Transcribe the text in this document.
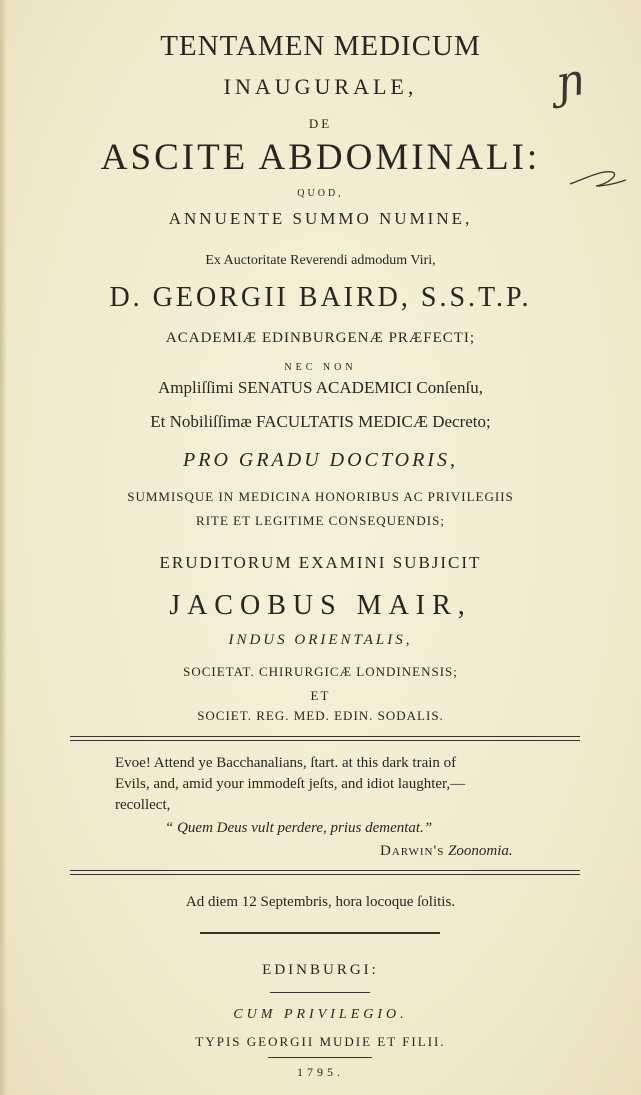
TENTAMEN MEDICUM
INAUGURALE,
DE
ASCITE ABDOMINALI:
QUOD,
ANNUENTE SUMMO NUMINE,
Ex Auctoritate Reverendi admodum Viri,
D. GEORGII BAIRD, S.S.T.P.
ACADEMIÆ EDINBURGENÆ PRÆFECTI;
NEC NON
Ampliſſimi SENATUS ACADEMICI Conſenſu,
Et Nobiliſſimæ FACULTATIS MEDICÆ Decreto;
PRO GRADU DOCTORIS,
SUMMISQUE IN MEDICINA HONORIBUS AC PRIVILEGIIS
RITE ET LEGITIME CONSEQUENDIS;
ERUDITORUM EXAMINI SUBJICIT
JACOBUS MAIR,
INDUS ORIENTALIS,
SOCIETAT. CHIRURGICÆ LONDINENSIS;
ET
SOCIET. REG. MED. EDIN. SODALIS.
Evoe! Attend ye Bacchanalians, ſtart. at this dark train of
Evils, and, amid your immodeſt jeſts, and idiot laughter,—
recollect,
“ Quem Deus vult perdere, prius dementat.”
Darwin's Zoonomia.
Ad diem 12 Septembris, hora locoque ſolitis.
EDINBURGI:
CUM PRIVILEGIO.
TYPIS GEORGII MUDIE ET FILII.
1795.
ɲ
